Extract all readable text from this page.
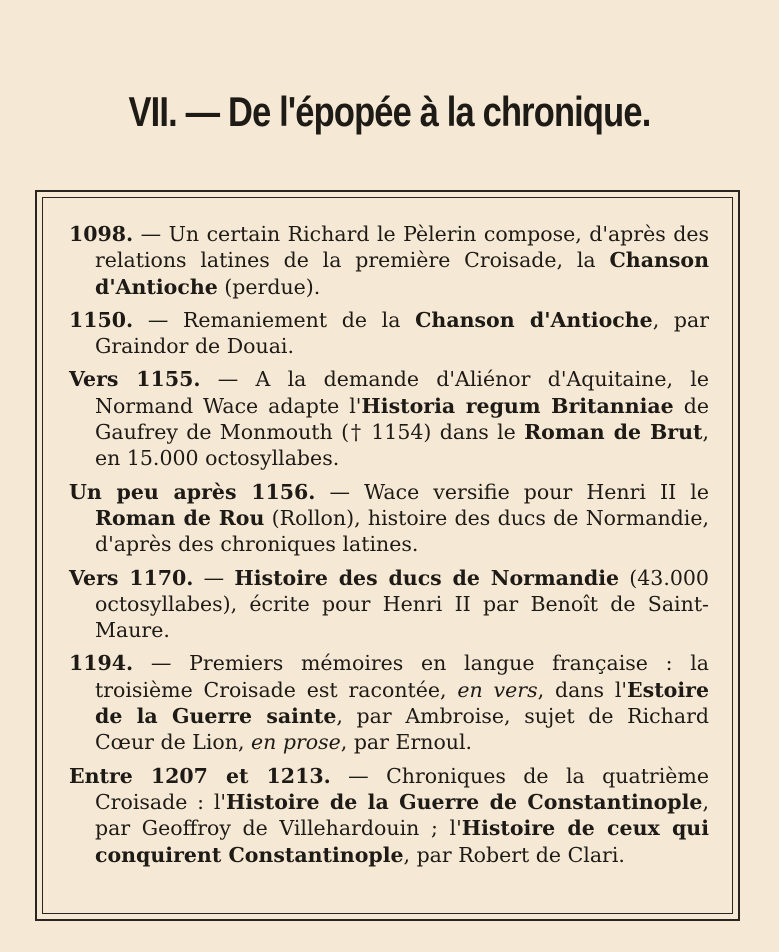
VII. — De l'épopée à la chronique.
1098. — Un certain Richard le Pèlerin compose, d'après des relations latines de la première Croisade, la Chanson d'Antioche (perdue).
1150. — Remaniement de la Chanson d'Antioche, par Graindor de Douai.
Vers 1155. — A la demande d'Aliénor d'Aquitaine, le Normand Wace adapte l'Historia regum Britanniae de Gaufrey de Monmouth († 1154) dans le Roman de Brut, en 15.000 octosyllabes.
Un peu après 1156. — Wace versifie pour Henri II le Roman de Rou (Rollon), histoire des ducs de Normandie, d'après des chroniques latines.
Vers 1170. — Histoire des ducs de Normandie (43.000 octosyllabes), écrite pour Henri II par Benoît de Saint-Maure.
1194. — Premiers mémoires en langue française : la troisième Croisade est racontée, en vers, dans l'Estoire de la Guerre sainte, par Ambroise, sujet de Richard Cœur de Lion, en prose, par Ernoul.
Entre 1207 et 1213. — Chroniques de la quatrième Croisade : l'Histoire de la Guerre de Constantinople, par Geoffroy de Villehardouin ; l'Histoire de ceux qui conquirent Constantinople, par Robert de Clari.
